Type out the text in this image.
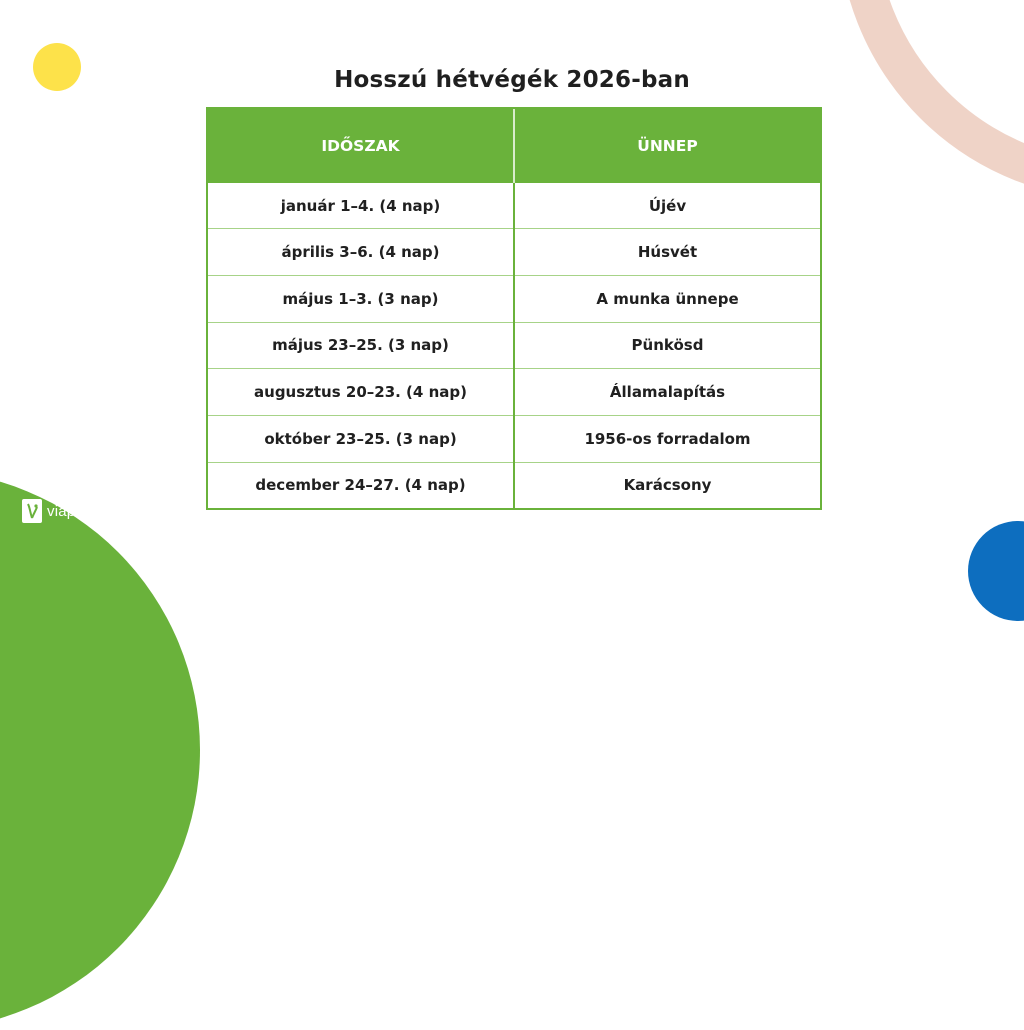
viapan
Hosszú hétvégék 2026-ban
IDŐSZAK	ÜNNEP
január 1–4. (4 nap)	Újév
április 3–6. (4 nap)	Húsvét
május 1–3. (3 nap)	A munka ünnepe
május 23–25. (3 nap)	Pünkösd
augusztus 20–23. (4 nap)	Államalapítás
október 23–25. (3 nap)	1956-os forradalom
december 24–27. (4 nap)	Karácsony
